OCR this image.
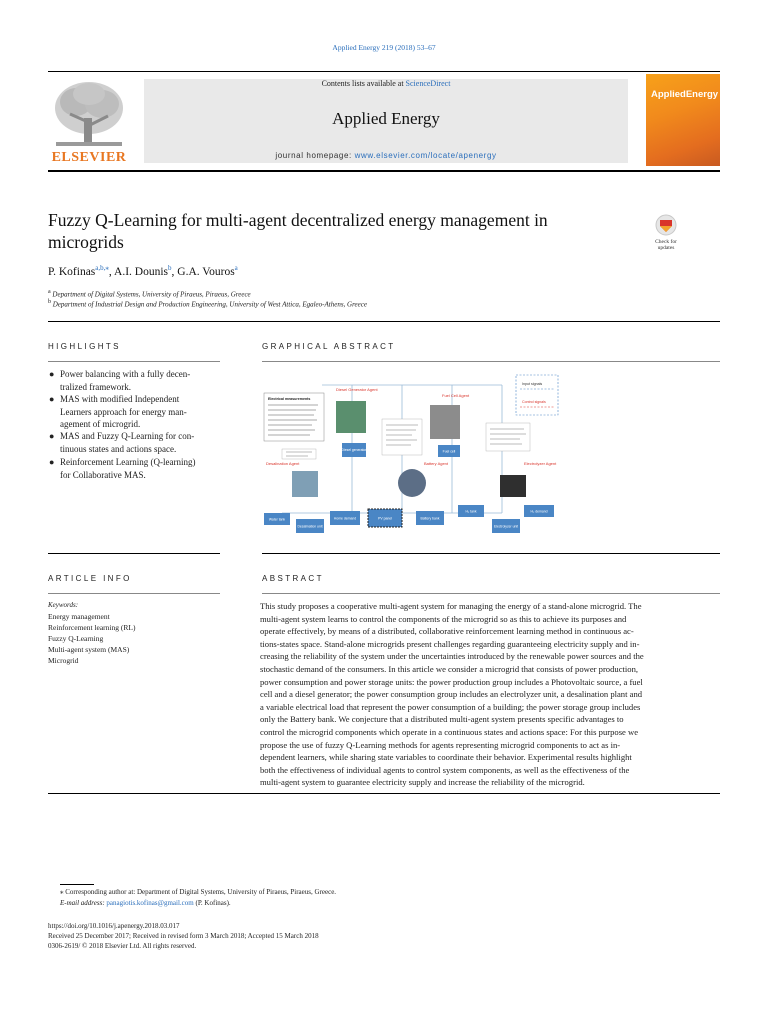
Applied Energy 219 (2018) 53–67
Contents lists available at ScienceDirect
Applied Energy
journal homepage: www.elsevier.com/locate/apenergy
ELSEVIER
AppliedEnergy
Fuzzy Q-Learning for multi-agent decentralized energy management in
microgrids	Check for
updates
P. Kofinas$^{a,b,⁎}$, A.I. Dounis$^b$, G.A. Vouros$^a$
$^a$ Department of Digital Systems, University of Piraeus, Piraeus, Greece
$^b$ Department of Industrial Design and Production Engineering, University of West Attica, Egaleo-Athens, Greece
HIGHLIGHTS	GRAPHICAL ABSTRACT
● Power balancing with a fully decen-
tralized framework.
● MAS with modified Independent
Learners approach for energy man-
agement of microgrid.
● MAS and Fuzzy Q-Learning for con-
tinuous states and actions space.
● Reinforcement Learning (Q-learning)
for Collaborative MAS.
Diesel Generator Agent
Fuel Cell Agent
Desalination Agent	Battery Agent	Electrolyzer Agent
Input signals
Control signals
Electrical measurements
Diesel generator	Fuel cell
Water tank
Desalination unit
Home demand	PV panel	Battery bank
H₂ tank
Electrolyzer unit
H₂ demand
ARTICLE INFO	ABSTRACT
Keywords:
Energy management
Reinforcement learning (RL)
Fuzzy Q-Learning
Multi-agent system (MAS)
Microgrid
This study proposes a cooperative multi-agent system for managing the energy of a stand-alone microgrid. The
multi-agent system learns to control the components of the microgrid so as this to achieve its purposes and
operate effectively, by means of a distributed, collaborative reinforcement learning method in continuous ac-
tions-states space. Stand-alone microgrids present challenges regarding guaranteeing electricity supply and in-
creasing the reliability of the system under the uncertainties introduced by the renewable power sources and the
stochastic demand of the consumers. In this article we consider a microgrid that consists of power production,
power consumption and power storage units: the power production group includes a Photovoltaic source, a fuel
cell and a diesel generator; the power consumption group includes an electrolyzer unit, a desalination plant and
a variable electrical load that represent the power consumption of a building; the power storage group includes
only the Battery bank. We conjecture that a distributed multi-agent system presents specific advantages to
control the microgrid components which operate in a continuous states and actions space: For this purpose we
propose the use of fuzzy Q-Learning methods for agents representing microgrid components to act as in-
dependent learners, while sharing state variables to coordinate their behavior. Experimental results highlight
both the effectiveness of individual agents to control system components, as well as the effectiveness of the
multi-agent system to guarantee electricity supply and increase the reliability of the microgrid.
⁎ Corresponding author at: Department of Digital Systems, University of Piraeus, Piraeus, Greece.
E-mail address: panagiotis.kofinas@gmail.com (P. Kofinas).
https://doi.org/10.1016/j.apenergy.2018.03.017
Received 25 December 2017; Received in revised form 3 March 2018; Accepted 15 March 2018
0306-2619/ © 2018 Elsevier Ltd. All rights reserved.
